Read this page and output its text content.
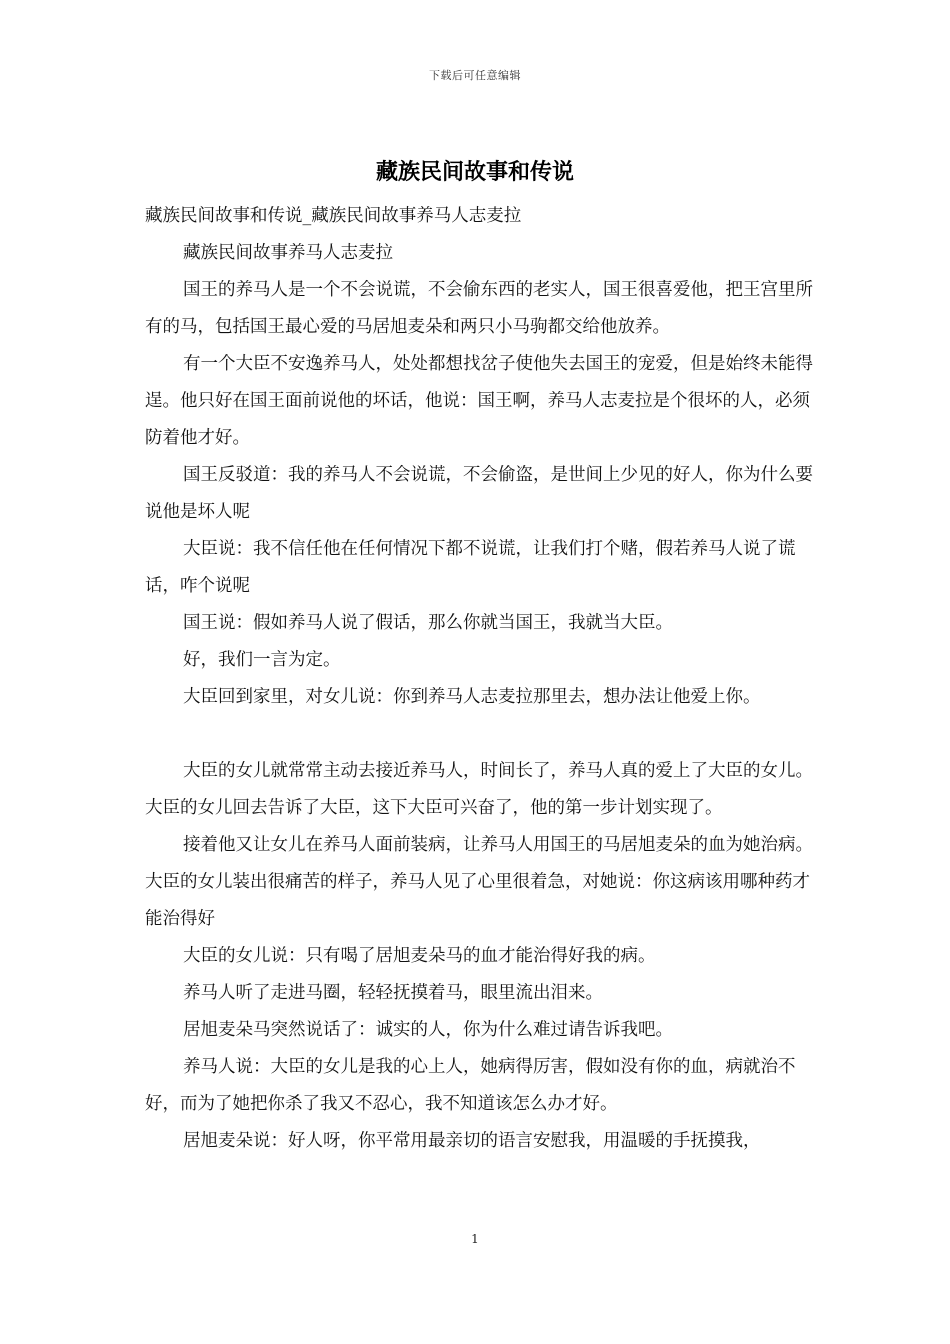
下载后可任意编辑
藏族民间故事和传说

藏族民间故事和传说_藏族民间故事养马人志麦拉

藏族民间故事养马人志麦拉

国王的养马人是一个不会说谎，不会偷东西的老实人，国王很喜爱他，把王宫里所有的马，包括国王最心爱的马居旭麦朵和两只小马驹都交给他放养。

有一个大臣不安逸养马人，处处都想找岔子使他失去国王的宠爱，但是始终未能得逞。他只好在国王面前说他的坏话，他说：国王啊，养马人志麦拉是个很坏的人，必须防着他才好。

国王反驳道：我的养马人不会说谎，不会偷盗，是世间上少见的好人，你为什么要说他是坏人呢

大臣说：我不信任他在任何情况下都不说谎，让我们打个赌，假若养马人说了谎话，咋个说呢

国王说：假如养马人说了假话，那么你就当国王，我就当大臣。

好，我们一言为定。

大臣回到家里，对女儿说：你到养马人志麦拉那里去，想办法让他爱上你。

大臣的女儿就常常主动去接近养马人，时间长了，养马人真的爱上了大臣的女儿。大臣的女儿回去告诉了大臣，这下大臣可兴奋了，他的第一步计划实现了。

接着他又让女儿在养马人面前装病，让养马人用国王的马居旭麦朵的血为她治病。大臣的女儿装出很痛苦的样子，养马人见了心里很着急，对她说：你这病该用哪种药才能治得好

大臣的女儿说：只有喝了居旭麦朵马的血才能治得好我的病。

养马人听了走进马圈，轻轻抚摸着马，眼里流出泪来。

居旭麦朵马突然说话了：诚实的人，你为什么难过请告诉我吧。

养马人说：大臣的女儿是我的心上人，她病得厉害，假如没有你的血，病就治不好，而为了她把你杀了我又不忍心，我不知道该怎么办才好。

居旭麦朵说：好人呀，你平常用最亲切的语言安慰我，用温暖的手抚摸我，

1
